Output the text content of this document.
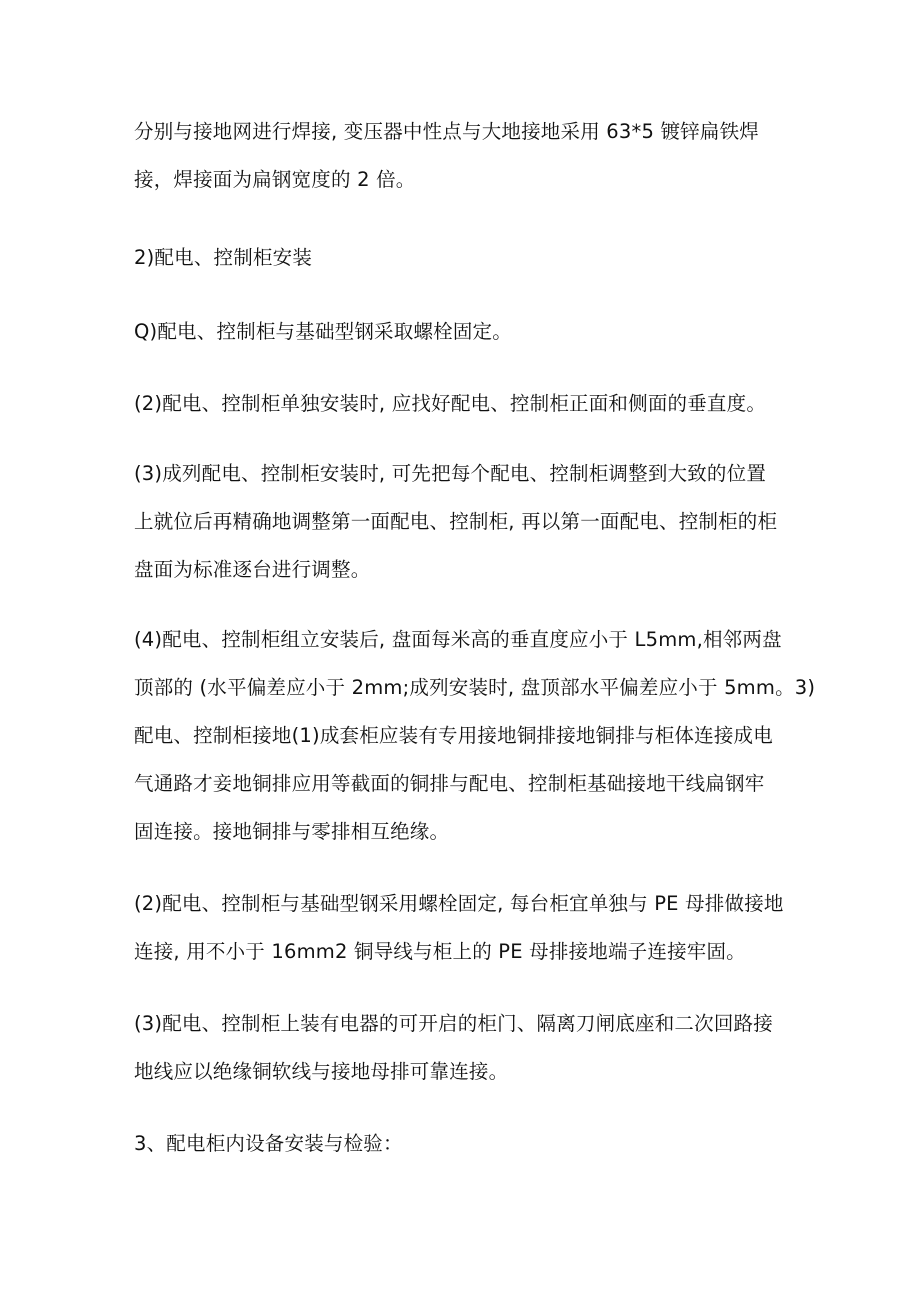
分别与接地网进行焊接, 变压器中性点与大地接地采用 63*5 镀锌扁铁焊
接，焊接面为扁钢宽度的 2 倍。

2)配电、控制柜安装

Q)配电、控制柜与基础型钢采取螺栓固定。

(2)配电、控制柜单独安装时, 应找好配电、控制柜正面和侧面的垂直度。

(3)成列配电、控制柜安装时, 可先把每个配电、控制柜调整到大致的位置
上就位后再精确地调整第一面配电、控制柜, 再以第一面配电、控制柜的柜
盘面为标准逐台进行调整。

(4)配电、控制柜组立安装后, 盘面每米高的垂直度应小于 L5mm,相邻两盘
顶部的 (水平偏差应小于 2mm;成列安装时, 盘顶部水平偏差应小于 5mm。3)
配电、控制柜接地(1)成套柜应装有专用接地铜排接地铜排与柜体连接成电
气通路才妾地铜排应用等截面的铜排与配电、控制柜基础接地干线扁钢牢
固连接。接地铜排与零排相互绝缘。

(2)配电、控制柜与基础型钢采用螺栓固定, 每台柜宜单独与 PE 母排做接地
连接, 用不小于 16mm2 铜导线与柜上的 PE 母排接地端子连接牢固。

(3)配电、控制柜上装有电器的可开启的柜门、隔离刀闸底座和二次回路接
地线应以绝缘铜软线与接地母排可靠连接。

3、配电柜内设备安装与检验：
